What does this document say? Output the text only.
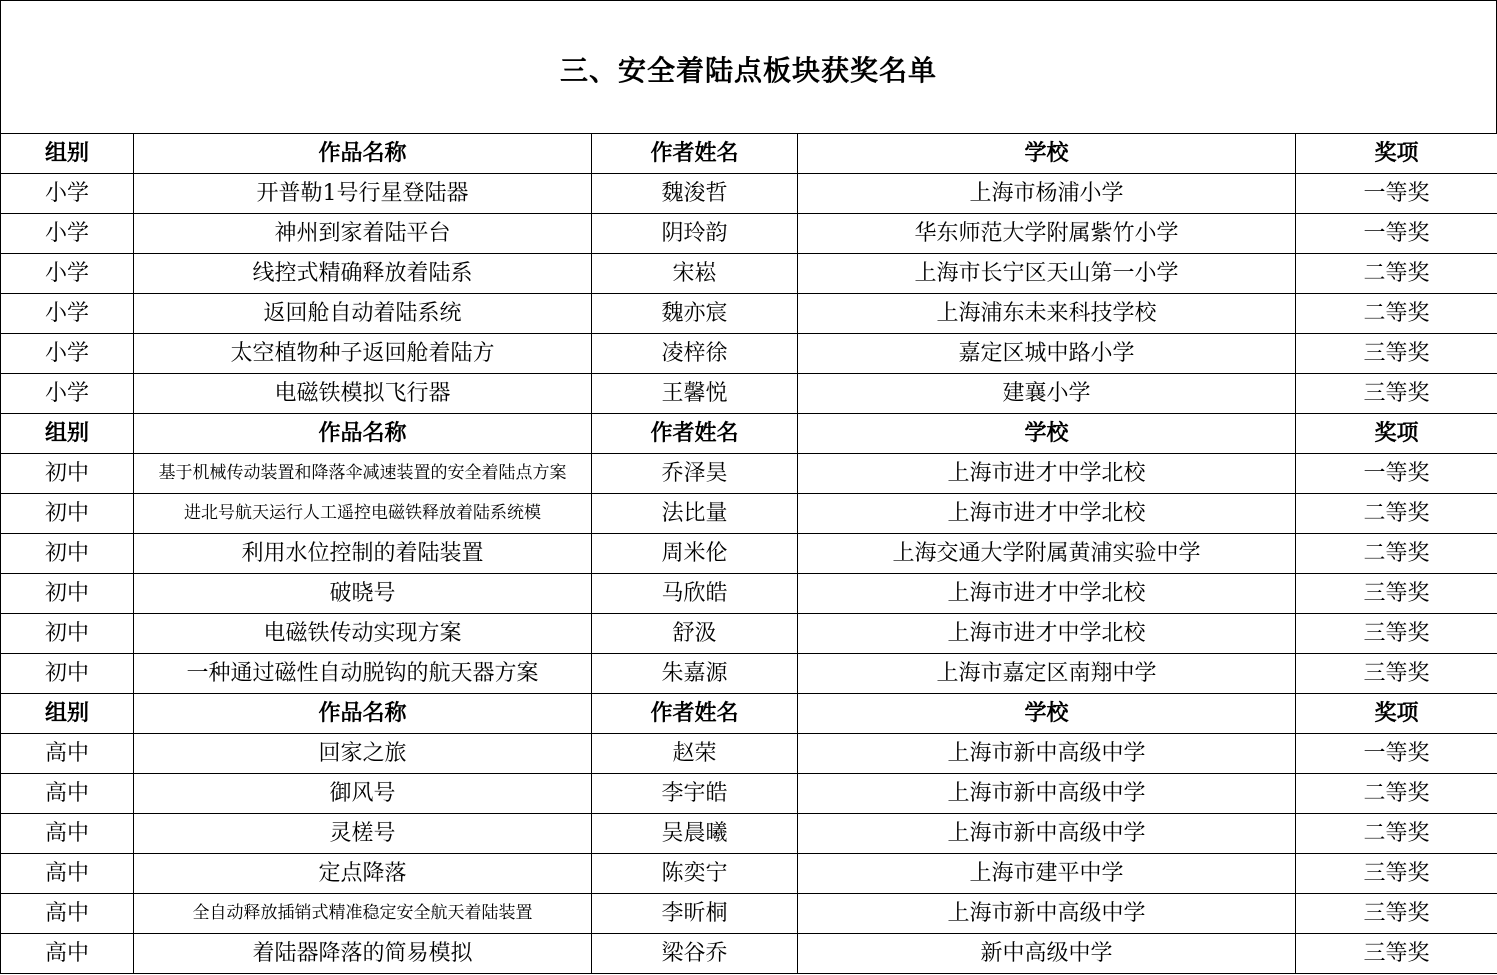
三、安全着陆点板块获奖名单
组别	作品名称	作者姓名	学校	奖项
小学	开普勒1号行星登陆器	魏浚哲	上海市杨浦小学	一等奖
小学	神州到家着陆平台	阴玲韵	华东师范大学附属紫竹小学	一等奖
小学	线控式精确释放着陆系	宋崧	上海市长宁区天山第一小学	二等奖
小学	返回舱自动着陆系统	魏亦宸	上海浦东未来科技学校	二等奖
小学	太空植物种子返回舱着陆方	凌梓徐	嘉定区城中路小学	三等奖
小学	电磁铁模拟飞行器	王馨悦	建襄小学	三等奖
组别	作品名称	作者姓名	学校	奖项
初中	基于机械传动装置和降落伞减速装置的安全着陆点方案	乔泽昊	上海市进才中学北校	一等奖
初中	进北号航天运行人工遥控电磁铁释放着陆系统模	法比量	上海市进才中学北校	二等奖
初中	利用水位控制的着陆装置	周米伦	上海交通大学附属黄浦实验中学	二等奖
初中	破晓号	马欣皓	上海市进才中学北校	三等奖
初中	电磁铁传动实现方案	舒汲	上海市进才中学北校	三等奖
初中	一种通过磁性自动脱钩的航天器方案	朱嘉源	上海市嘉定区南翔中学	三等奖
组别	作品名称	作者姓名	学校	奖项
高中	回家之旅	赵荣	上海市新中高级中学	一等奖
高中	御风号	李宇皓	上海市新中高级中学	二等奖
高中	灵槎号	吴晨曦	上海市新中高级中学	二等奖
高中	定点降落	陈奕宁	上海市建平中学	三等奖
高中	全自动释放插销式精准稳定安全航天着陆装置	李昕桐	上海市新中高级中学	三等奖
高中	着陆器降落的简易模拟	梁谷乔	新中高级中学	三等奖
